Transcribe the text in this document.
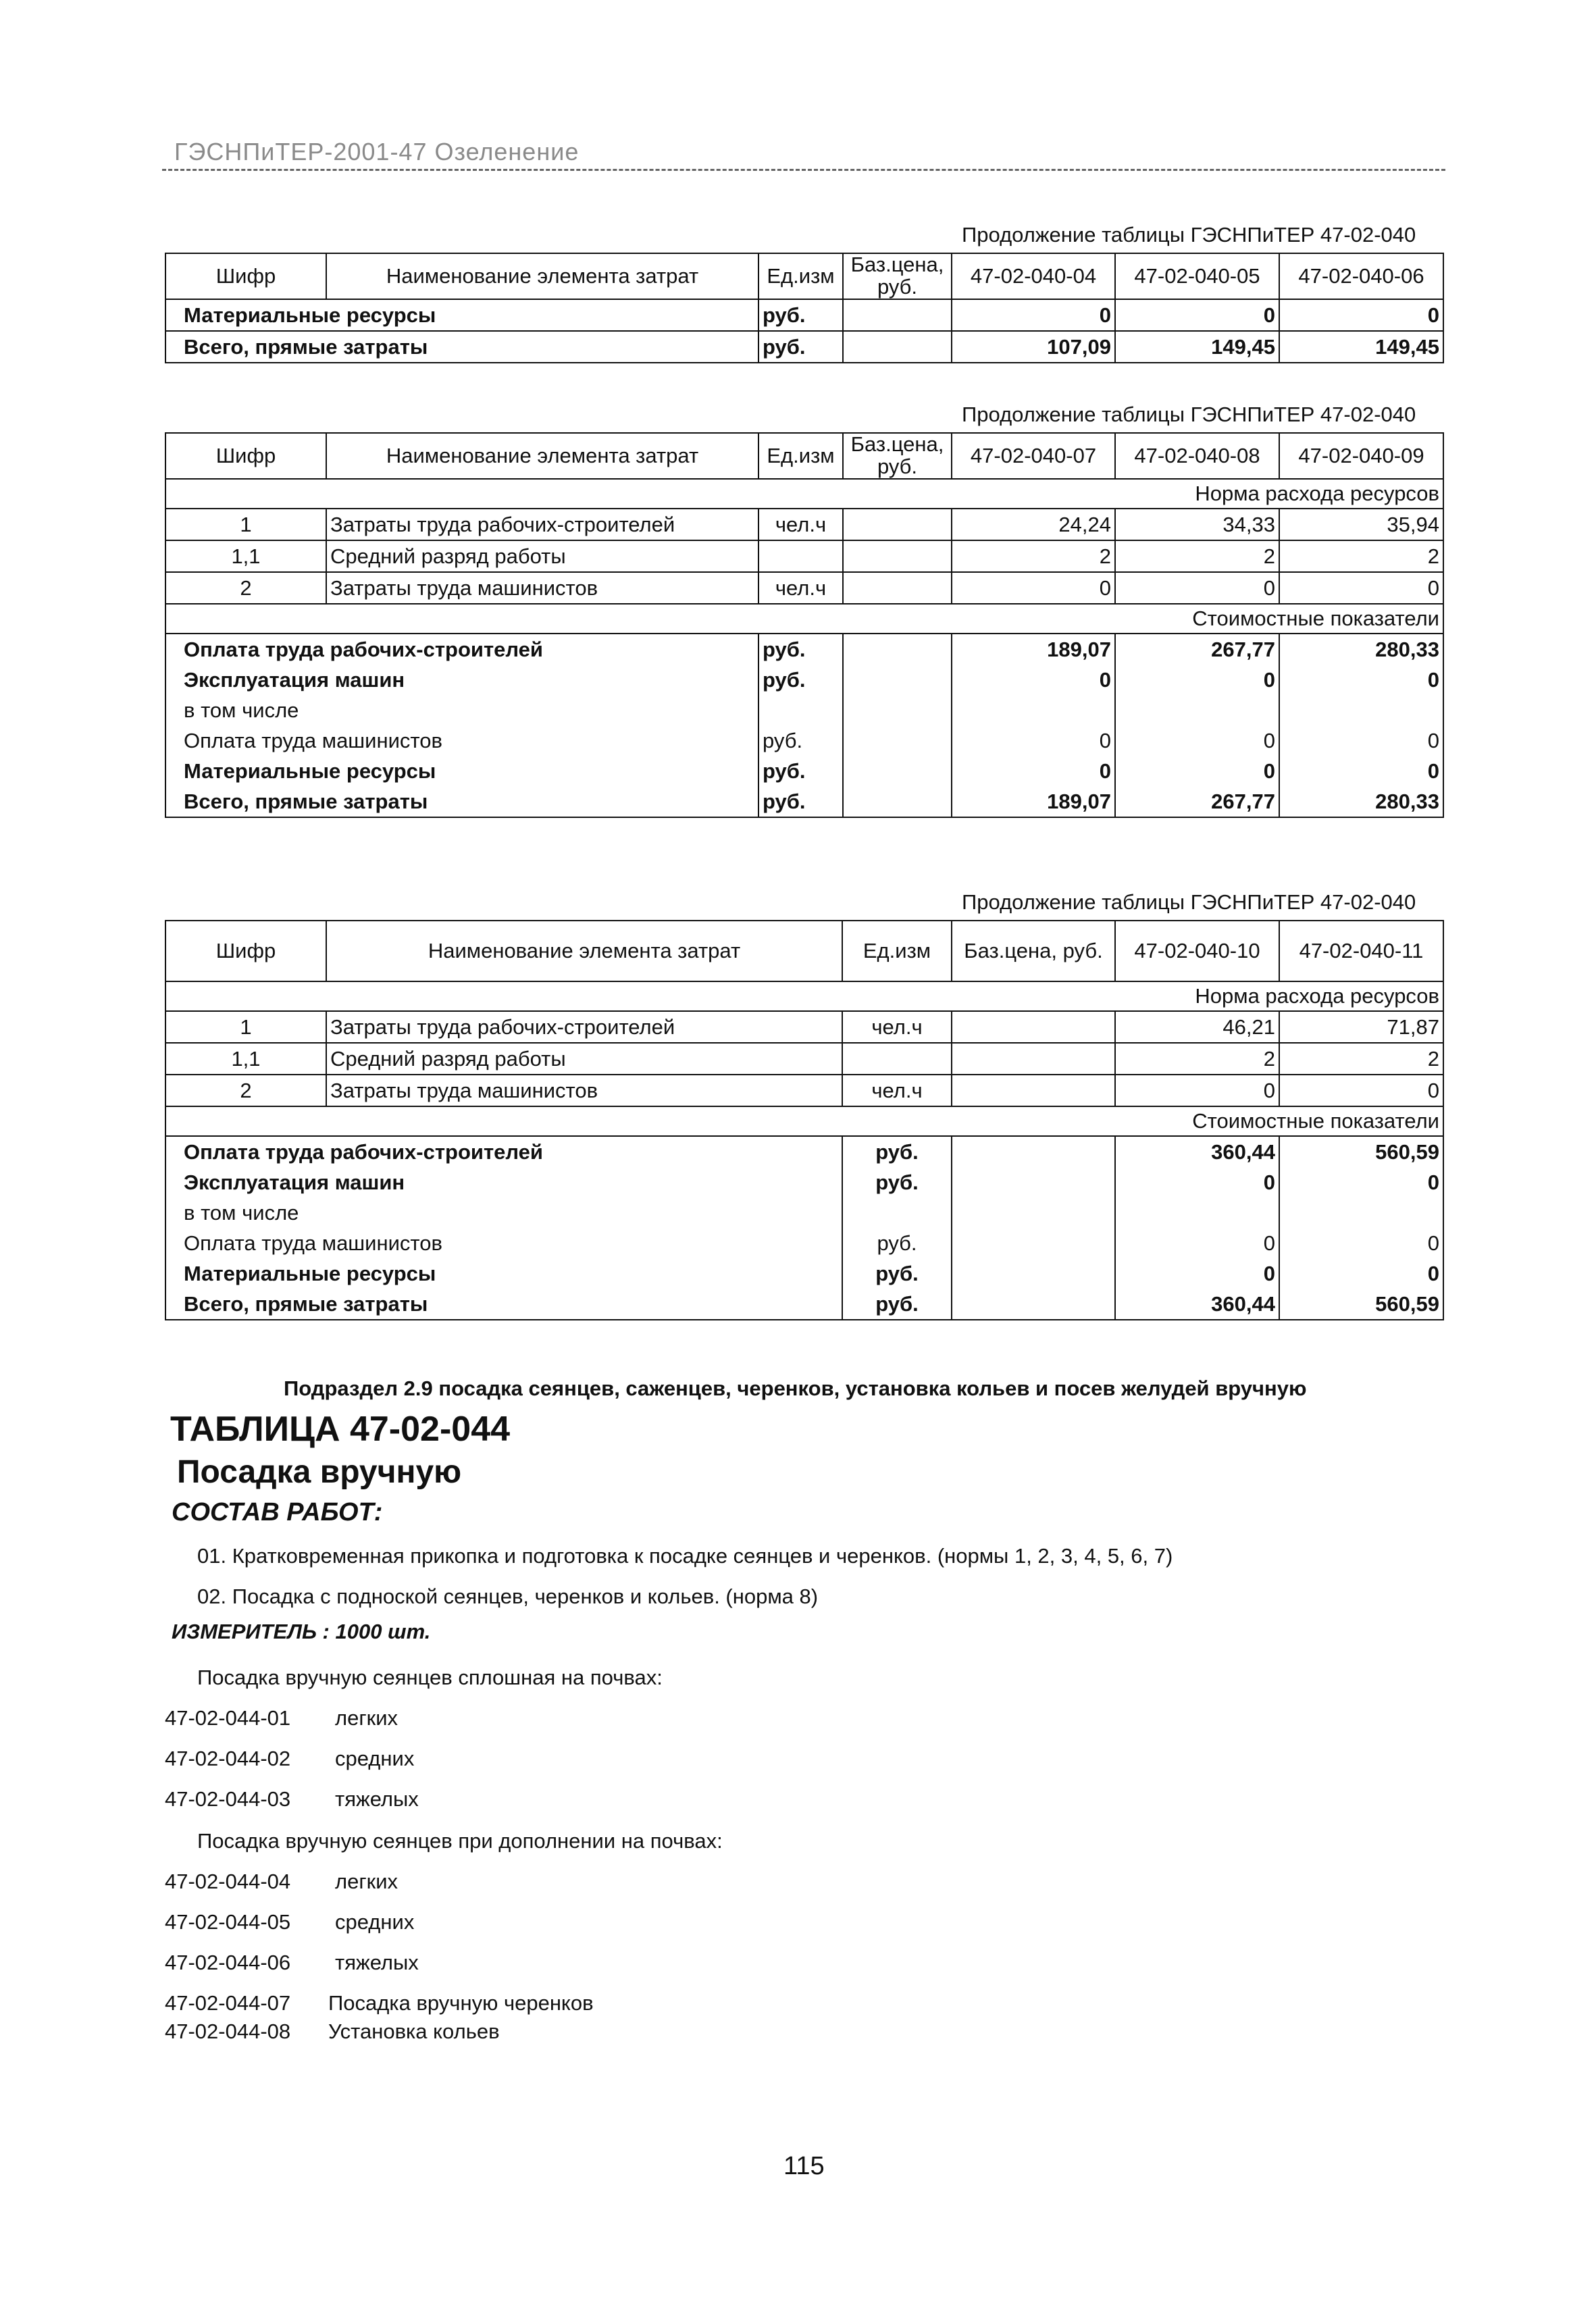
ГЭСНПиТЕР-2001-47 Озеленение
Продолжение таблицы ГЭСНПиТЕР 47-02-040
Шифр	Наименование элемента затрат	Ед.изм	Баз.цена, руб.	47-02-040-04	47-02-040-05	47-02-040-06
Материальные ресурсы		руб.		0	0	0
Всего, прямые затраты		руб.		107,09	149,45	149,45
Продолжение таблицы ГЭСНПиТЕР 47-02-040
Шифр	Наименование элемента затрат	Ед.изм	Баз.цена, руб.	47-02-040-07	47-02-040-08	47-02-040-09
Норма расхода ресурсов						
1	Затраты труда рабочих-строителей	чел.ч		24,24	34,33	35,94
1,1	Средний разряд работы			2	2	2
2	Затраты труда машинистов	чел.ч		0	0	0
Стоимостные показатели						
Оплата труда рабочих-строителей		руб.		189,07	267,77	280,33
Эксплуатация машин		руб.		0	0	0
в том числе						
Оплата труда машинистов		руб.		0	0	0
Материальные ресурсы		руб.		0	0	0
Всего, прямые затраты		руб.		189,07	267,77	280,33
Продолжение таблицы ГЭСНПиТЕР 47-02-040
Шифр	Наименование элемента затрат	Ед.изм	Баз.цена, руб.	47-02-040-10	47-02-040-11
Норма расхода ресурсов					
1	Затраты труда рабочих-строителей	чел.ч		46,21	71,87
1,1	Средний разряд работы			2	2
2	Затраты труда машинистов	чел.ч		0	0
Стоимостные показатели					
Оплата труда рабочих-строителей		руб.		360,44	560,59
Эксплуатация машин		руб.		0	0
в том числе					
Оплата труда машинистов		руб.		0	0
Материальные ресурсы		руб.		0	0
Всего, прямые затраты		руб.		360,44	560,59
Подраздел 2.9 посадка сеянцев, саженцев, черенков, установка кольев и посев желудей вручную
ТАБЛИЦА 47-02-044
Посадка вручную
СОСТАВ РАБОТ:
01. Кратковременная прикопка и подготовка к посадке сеянцев и черенков. (нормы 1, 2, 3, 4, 5, 6, 7)
02. Посадка с подноской сеянцев, черенков и кольев. (норма 8)
ИЗМЕРИТЕЛЬ : 1000 шт.
Посадка вручную сеянцев сплошная на почвах:
47-02-044-01 легких
47-02-044-02 средних
47-02-044-03 тяжелых
Посадка вручную сеянцев при дополнении на почвах:
47-02-044-04 легких
47-02-044-05 средних
47-02-044-06 тяжелых
47-02-044-07 Посадка вручную черенков
47-02-044-08 Установка кольев
115
